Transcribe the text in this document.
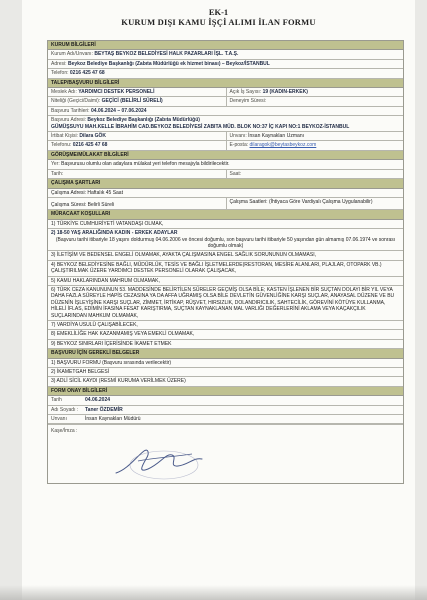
EK-1
KURUM DIŞI KAMU İŞÇİ ALIMI İLAN FORMU
KURUM BİLGİLERİ
Kurum Adı/Unvanı: BEYTAŞ BEYKOZ BELEDİYESİ HALK PAZARLARI İŞL. T.A.Ş.
Adresi: Beykoz Belediye Başkanlığı (Zabıta Müdürlüğü ek hizmet binası) – Beykoz/İSTANBUL
Telefon: 0216 425 47 68
TALEP/BAŞVURU BİLGİLERİ
Meslek Adı: YARDIMCI DESTEK PERSONELİ	Açık İş Sayısı: 19 (KADIN-ERKEK)
Niteliği (Geçici/Daimi): GEÇİCİ (BELİRLİ SÜRELİ)	Deneyim Süresi:
Başvuru Tarihleri: 04.06.2024 – 07.06.2024
Başvuru Adresi: Beykoz Belediye Başkanlığı (Zabıta Müdürlüğü)
GÜMÜŞSUYU MAH.KELLE İBRAHİM CAD.BEYKOZ BELEDİYESİ ZABITA MÜD. BLOK NO:37 İÇ KAPI NO:1 BEYKOZ-İSTANBUL
İrtibat Kişisi: Dilara GÖK	Unvanı: İnsan Kaynakları Uzmanı
Telefonu: 0216 425 47 68	E-posta: dilaragok@beytasbeykoz.com
GÖRÜŞME/MÜLAKAT BİLGİLERİ
Yer: Başvurusu olumlu olan adaylara mülakat yeri telefon mesajıyla bildirilecektir.
Tarih:	Saat:
ÇALIŞMA ŞARTLARI
Çalışma Adresi: Haftalık 45 Saat
Çalışma Süresi: Belirli Süreli	Çalışma Saatleri: (İhtiyaca Göre Vardiyalı Çalışma Uygulanabilir)
MÜRACAAT KOŞULLARI
1) TÜRKİYE CUMHURİYETİ VATANDAŞI OLMAK,
2) 18-50 YAŞ ARALIĞINDA KADIN - ERKEK ADAYLAR
(Başvuru tarihi itibariyle 18 yaşını doldurmuş 04.06.2006 ve öncesi doğumlu, son başvuru tarihi itibariyle 50 yaşından gün almamış 07.06.1974 ve sonrası doğumlu olmak)
3) İLETİŞİM VE BEDENSEL ENGELİ OLMAMAK, AYAKTA ÇALIŞMASINA ENGEL SAĞLIK SORUNUNUN OLMAMASI,
4) BEYKOZ BELEDİYESİNE BAĞLI, MÜDÜRLÜK, TESİS VE BAĞLI İŞLETMELERDE(RESTORAN, MESİRE ALANLARI, PLAJLAR, OTOPARK VB.) ÇALIŞTIRILMAK ÜZERE YARDIMCI DESTEK PERSONELİ OLARAK ÇALIŞACAK,
5) KAMU HAKLARINDAN MAHRUM OLMAMAK,
6) TÜRK CEZA KANUNUNUN 53. MADDESİNDE BELİRTİLEN SÜRELER GEÇMİŞ OLSA BİLE; KASTEN İŞLENEN BİR SUÇTAN DOLAYI BİR YIL VEYA DAHA FAZLA SÜREYLE HAPİS CEZASINA YA DA AFFA UĞRAMIŞ OLSA BİLE DEVLETİN GÜVENLİĞİNE KARŞI SUÇLAR, ANAYASAL DÜZENE VE BU DÜZENİN İŞLEYİŞİNE KARŞI SUÇLAR, ZİMMET, İRTİKAP, RÜŞVET, HIRSIZLIK, DOLANDIRICILIK, SAHTECİLİK, GÖREVİNİ KÖTÜYE KULLANMA, HİLELİ İFLAS, EDİMİN İFASINA FESAT KARIŞTIRMA, SUÇTAN KAYNAKLANAN MAL VARLIĞI DEĞERLERİNİ AKLAMA VEYA KAÇAKÇILIK SUÇLARINDAN MAHKUM OLMAMAK,
7) VARDİYA USULÜ ÇALIŞABİLECEK,
8) EMEKLİLİĞE HAK KAZANMAMIŞ VEYA EMEKLİ OLMAMAK,
9) BEYKOZ SINIRLARI İÇERİSİNDE İKAMET ETMEK
BAŞVURU İÇİN GEREKLİ BELGELER
1) BAŞVURU FORMU (Başvuru sırasında verilecektir)
2) İKAMETGAH BELGESİ
3) ADLİ SİCİL KAYDI (RESMİ KURUMA VERİLMEK ÜZERE)
FORM ONAY BİLGİLERİ
Tarih	04.06.2024
Adı Soyadı : Taner ÖZDEMİR
Unvanı	İnsan Kaynakları Müdürü
Kaşe/İmza :
